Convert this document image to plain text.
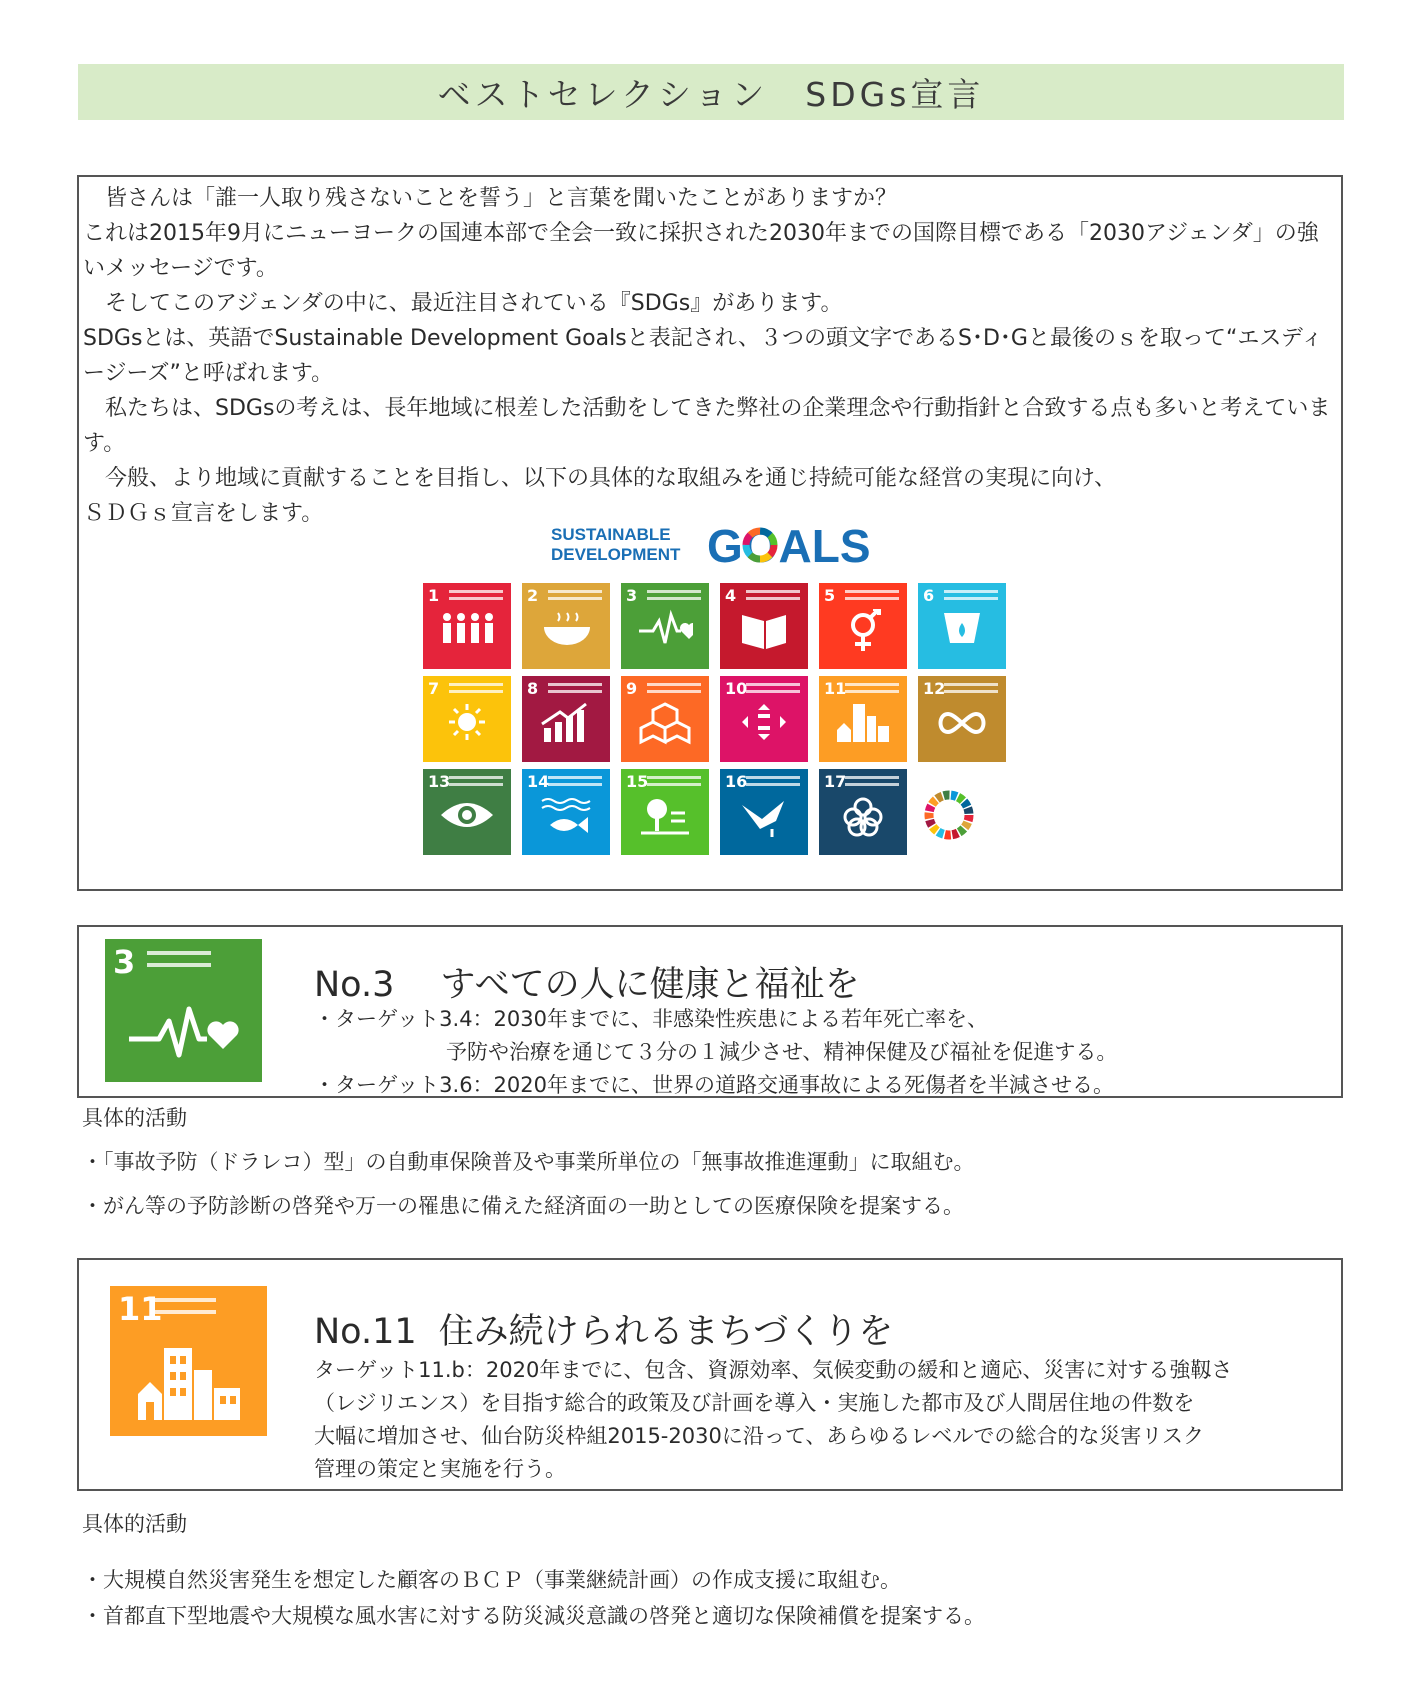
ベストセレクション　SDGs宣言

　皆さんは「誰一人取り残さないことを誓う」と言葉を聞いたことがありますか？

これは2015年9月にニューヨークの国連本部で全会一致に採択された2030年までの国際目標である「2030アジェンダ」の強いメッセージです。

　そしてこのアジェンダの中に、最近注目されている『SDGs』があります。

SDGsとは、英語でSustainable Development Goalsと表記され、３つの頭文字であるS･D･Gと最後のｓを取って“エスディージーズ”と呼ばれます。

　私たちは、SDGsの考えは、長年地域に根差した活動をしてきた弊社の企業理念や行動指針と合致する点も多いと考えています。

　今般、より地域に貢献することを目指し、以下の具体的な取組みを通じ持続可能な経営の実現に向け、

ＳＤＧｓ宣言をします。

SUSTAINABLE
DEVELOPMENT GOALS
1	2	3	4	5	6
7	8	9	10	11	12
13	14	15	16	17
3
No.3 すべての人に健康と福祉を
・ターゲット3.4：2030年までに、非感染性疾患による若年死亡率を、
予防や治療を通じて３分の１減少させ、精神保健及び福祉を促進する。
・ターゲット3.6：2020年までに、世界の道路交通事故による死傷者を半減させる。
具体的活動
・「事故予防（ドラレコ）型」の自動車保険普及や事業所単位の「無事故推進運動」に取組む。
・がん等の予防診断の啓発や万一の罹患に備えた経済面の一助としての医療保険を提案する。
11
No.11 住み続けられるまちづくりを
ターゲット11.b：2020年までに、包含、資源効率、気候変動の緩和と適応、災害に対する強靱さ
（レジリエンス）を目指す総合的政策及び計画を導入・実施した都市及び人間居住地の件数を
大幅に増加させ、仙台防災枠組2015-2030に沿って、あらゆるレベルでの総合的な災害リスク
管理の策定と実施を行う。
具体的活動
・大規模自然災害発生を想定した顧客のＢＣＰ（事業継続計画）の作成支援に取組む。
・首都直下型地震や大規模な風水害に対する防災減災意識の啓発と適切な保険補償を提案する。
